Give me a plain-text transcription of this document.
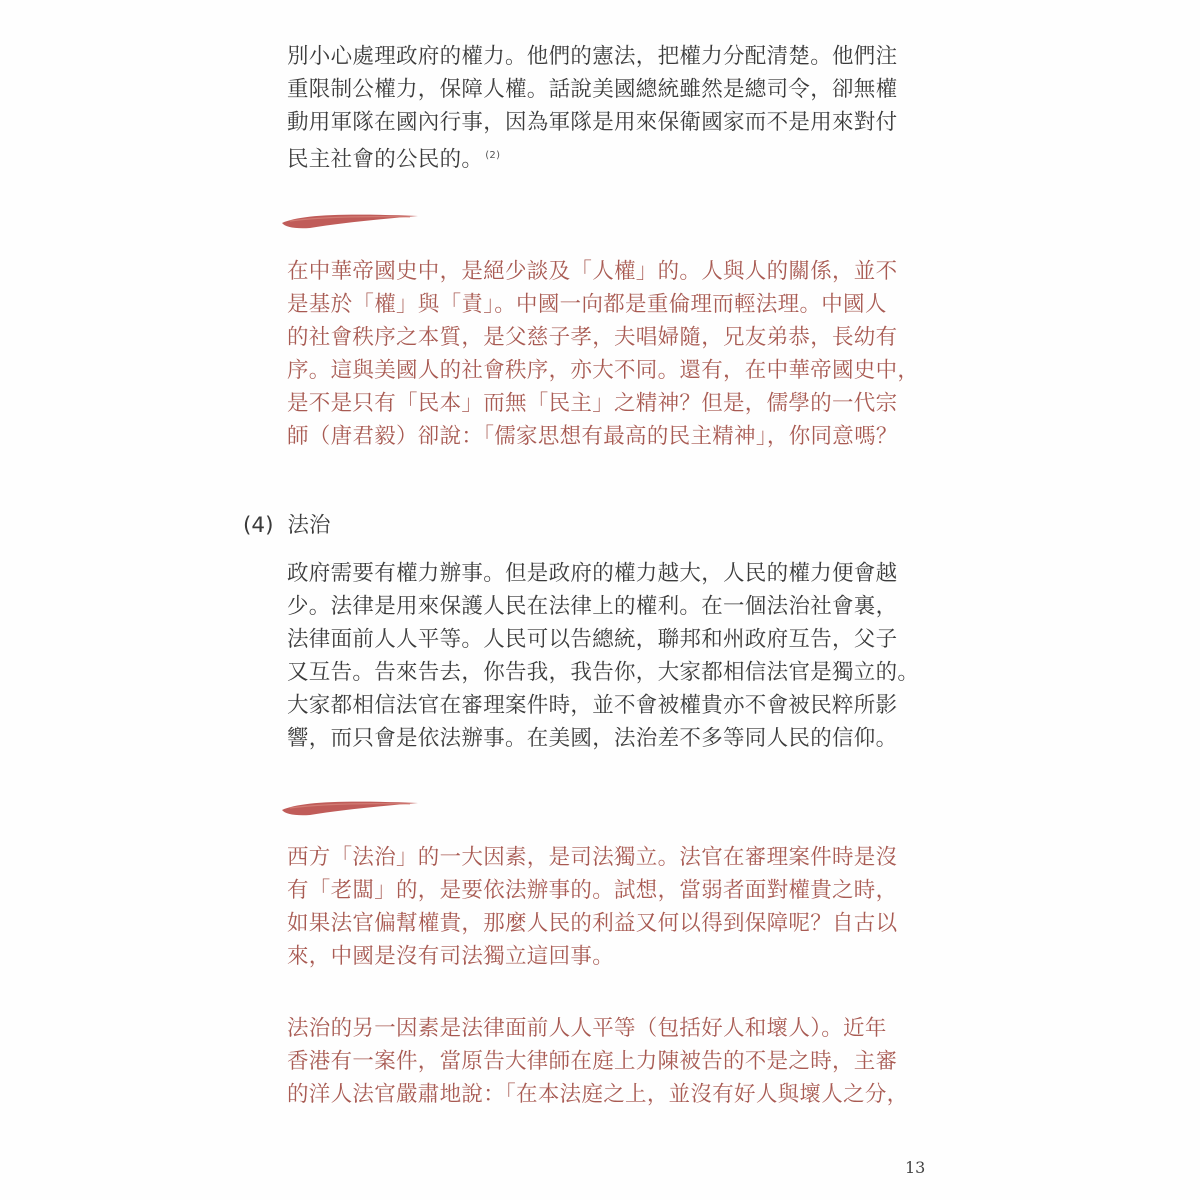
別小心處理政府的權力。他們的憲法，把權力分配清楚。他們注
重限制公權力，保障人權。話說美國總統雖然是總司令，卻無權
動用軍隊在國內行事，因為軍隊是用來保衛國家而不是用來對付
民主社會的公民的。 $^{(2)}$
在中華帝國史中，是絕少談及「人權」的。人與人的關係，並不
是基於「權」與「責」。中國一向都是重倫理而輕法理。中國人
的社會秩序之本質，是父慈子孝，夫唱婦隨，兄友弟恭，長幼有
序。這與美國人的社會秩序，亦大不同。還有，在中華帝國史中，
是不是只有「民本」而無「民主」之精神？但是，儒學的一代宗
師（唐君毅）卻說：「儒家思想有最高的民主精神」，你同意嗎？
(4) 法治
政府需要有權力辦事。但是政府的權力越大，人民的權力便會越
少。法律是用來保護人民在法律上的權利。在一個法治社會裏，
法律面前人人平等。人民可以告總統，聯邦和州政府互告，父子
又互告。告來告去，你告我，我告你，大家都相信法官是獨立的。
大家都相信法官在審理案件時，並不會被權貴亦不會被民粹所影
響，而只會是依法辦事。在美國，法治差不多等同人民的信仰。
西方「法治」的一大因素，是司法獨立。法官在審理案件時是沒
有「老闆」的，是要依法辦事的。試想，當弱者面對權貴之時，
如果法官偏幫權貴，那麼人民的利益又何以得到保障呢？自古以
來，中國是沒有司法獨立這回事。
法治的另一因素是法律面前人人平等（包括好人和壞人）。近年
香港有一案件，當原告大律師在庭上力陳被告的不是之時，主審
的洋人法官嚴肅地說：「在本法庭之上，並沒有好人與壞人之分，
13
